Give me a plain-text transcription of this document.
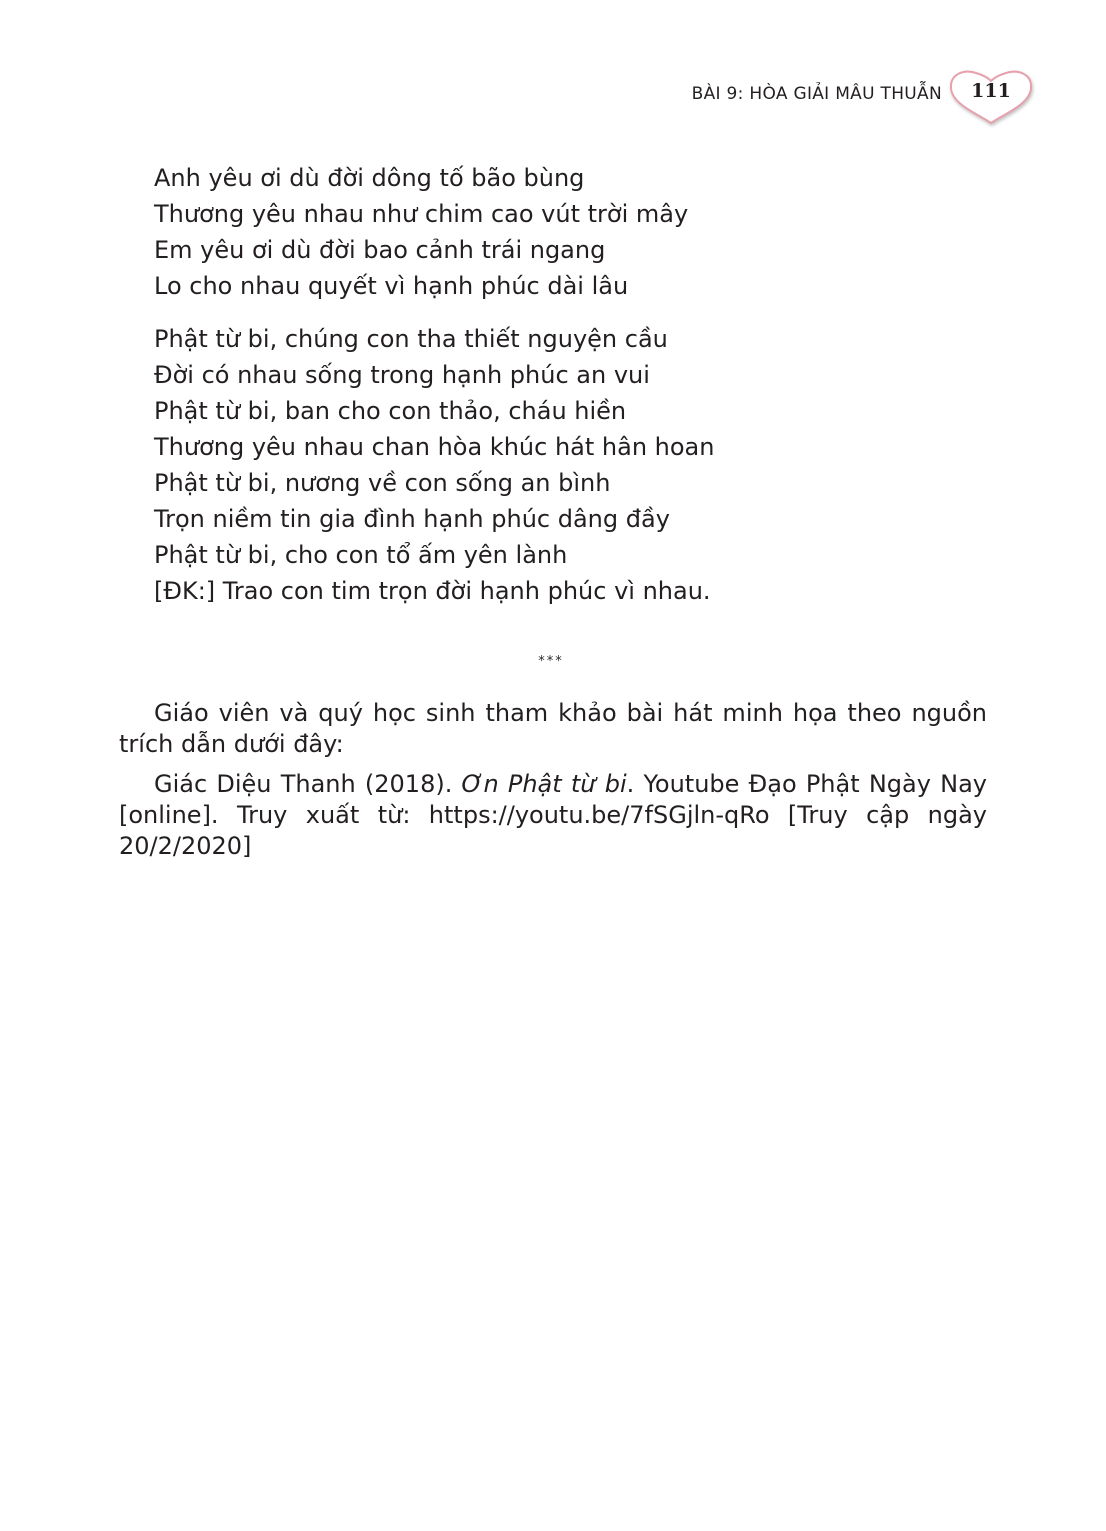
BÀI 9: HÒA GIẢI MÂU THUẪN	111
Anh yêu ơi dù đời dông tố bão bùng
Thương yêu nhau như chim cao vút trời mây
Em yêu ơi dù đời bao cảnh trái ngang
Lo cho nhau quyết vì hạnh phúc dài lâu
Phật từ bi, chúng con tha thiết nguyện cầu
Đời có nhau sống trong hạnh phúc an vui
Phật từ bi, ban cho con thảo, cháu hiền
Thương yêu nhau chan hòa khúc hát hân hoan
Phật từ bi, nương về con sống an bình
Trọn niềm tin gia đình hạnh phúc dâng đầy
Phật từ bi, cho con tổ ấm yên lành
[ĐK:] Trao con tim trọn đời hạnh phúc vì nhau.
***

Giáo viên và quý học sinh tham khảo bài hát minh họa theo nguồn trích dẫn dưới đây:

Giác Diệu Thanh (2018). Ơn Phật từ bi. Youtube Đạo Phật Ngày Nay [online]. Truy xuất từ: https://youtu.be/7fSGjln-qRo [Truy cập ngày 20/2/2020]
